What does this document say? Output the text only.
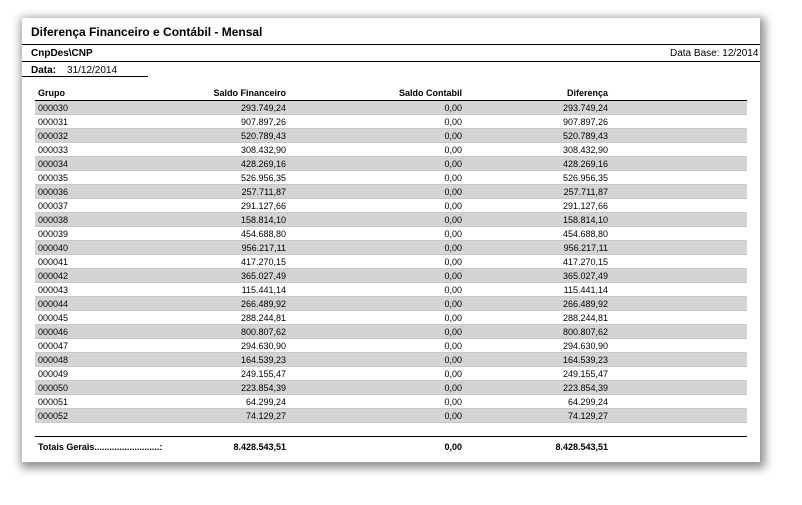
Diferença Financeiro e Contábil - Mensal
CnpDes\CNP	Data Base: 12/2014
Data: 31/12/2014
Grupo	Saldo Financeiro	Saldo Contabil	Diferença
000030	293.749,24	0,00	293.749,24
000031	907.897,26	0,00	907.897,26
000032	520.789,43	0,00	520.789,43
000033	308.432,90	0,00	308.432,90
000034	428.269,16	0,00	428.269,16
000035	526.956,35	0,00	526.956,35
000036	257.711,87	0,00	257.711,87
000037	291.127,66	0,00	291.127,66
000038	158.814,10	0,00	158.814,10
000039	454.688,80	0,00	454.688,80
000040	956.217,11	0,00	956.217,11
000041	417.270,15	0,00	417.270,15
000042	365.027,49	0,00	365.027,49
000043	115.441,14	0,00	115.441,14
000044	266.489,92	0,00	266.489,92
000045	288.244,81	0,00	288.244,81
000046	800.807,62	0,00	800.807,62
000047	294.630,90	0,00	294.630,90
000048	164.539,23	0,00	164.539,23
000049	249.155,47	0,00	249.155,47
000050	223.854,39	0,00	223.854,39
000051	64.299,24	0,00	64.299,24
000052	74.129,27	0,00	74.129,27
Totais Gerais..........................:	8.428.543,51	0,00	8.428.543,51
